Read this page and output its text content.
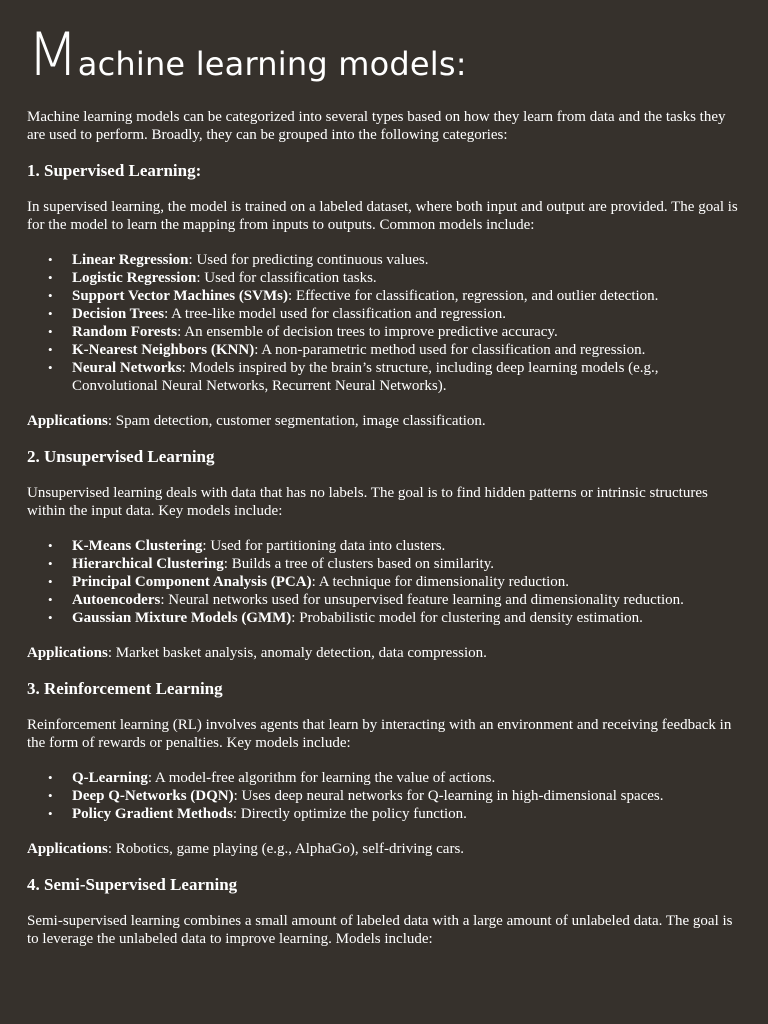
Machine learning models:

Machine learning models can be categorized into several types based on how they learn from data and the tasks they are used to perform. Broadly, they can be grouped into the following categories:

1. Supervised Learning:

In supervised learning, the model is trained on a labeled dataset, where both input and output are provided. The goal is for the model to learn the mapping from inputs to outputs. Common models include:

• Linear Regression: Used for predicting continuous values.
• Logistic Regression: Used for classification tasks.
• Support Vector Machines (SVMs): Effective for classification, regression, and outlier detection.
• Decision Trees: A tree-like model used for classification and regression.
• Random Forests: An ensemble of decision trees to improve predictive accuracy.
• K-Nearest Neighbors (KNN): A non-parametric method used for classification and regression.
• Neural Networks: Models inspired by the brain’s structure, including deep learning models (e.g., Convolutional Neural Networks, Recurrent Neural Networks).

Applications: Spam detection, customer segmentation, image classification.

2. Unsupervised Learning

Unsupervised learning deals with data that has no labels. The goal is to find hidden patterns or intrinsic structures within the input data. Key models include:

• K-Means Clustering: Used for partitioning data into clusters.
• Hierarchical Clustering: Builds a tree of clusters based on similarity.
• Principal Component Analysis (PCA): A technique for dimensionality reduction.
• Autoencoders: Neural networks used for unsupervised feature learning and dimensionality reduction.
• Gaussian Mixture Models (GMM): Probabilistic model for clustering and density estimation.

Applications: Market basket analysis, anomaly detection, data compression.

3. Reinforcement Learning

Reinforcement learning (RL) involves agents that learn by interacting with an environment and receiving feedback in the form of rewards or penalties. Key models include:

• Q-Learning: A model-free algorithm for learning the value of actions.
• Deep Q-Networks (DQN): Uses deep neural networks for Q-learning in high-dimensional spaces.
• Policy Gradient Methods: Directly optimize the policy function.

Applications: Robotics, game playing (e.g., AlphaGo), self-driving cars.

4. Semi-Supervised Learning

Semi-supervised learning combines a small amount of labeled data with a large amount of unlabeled data. The goal is to leverage the unlabeled data to improve learning. Models include:
